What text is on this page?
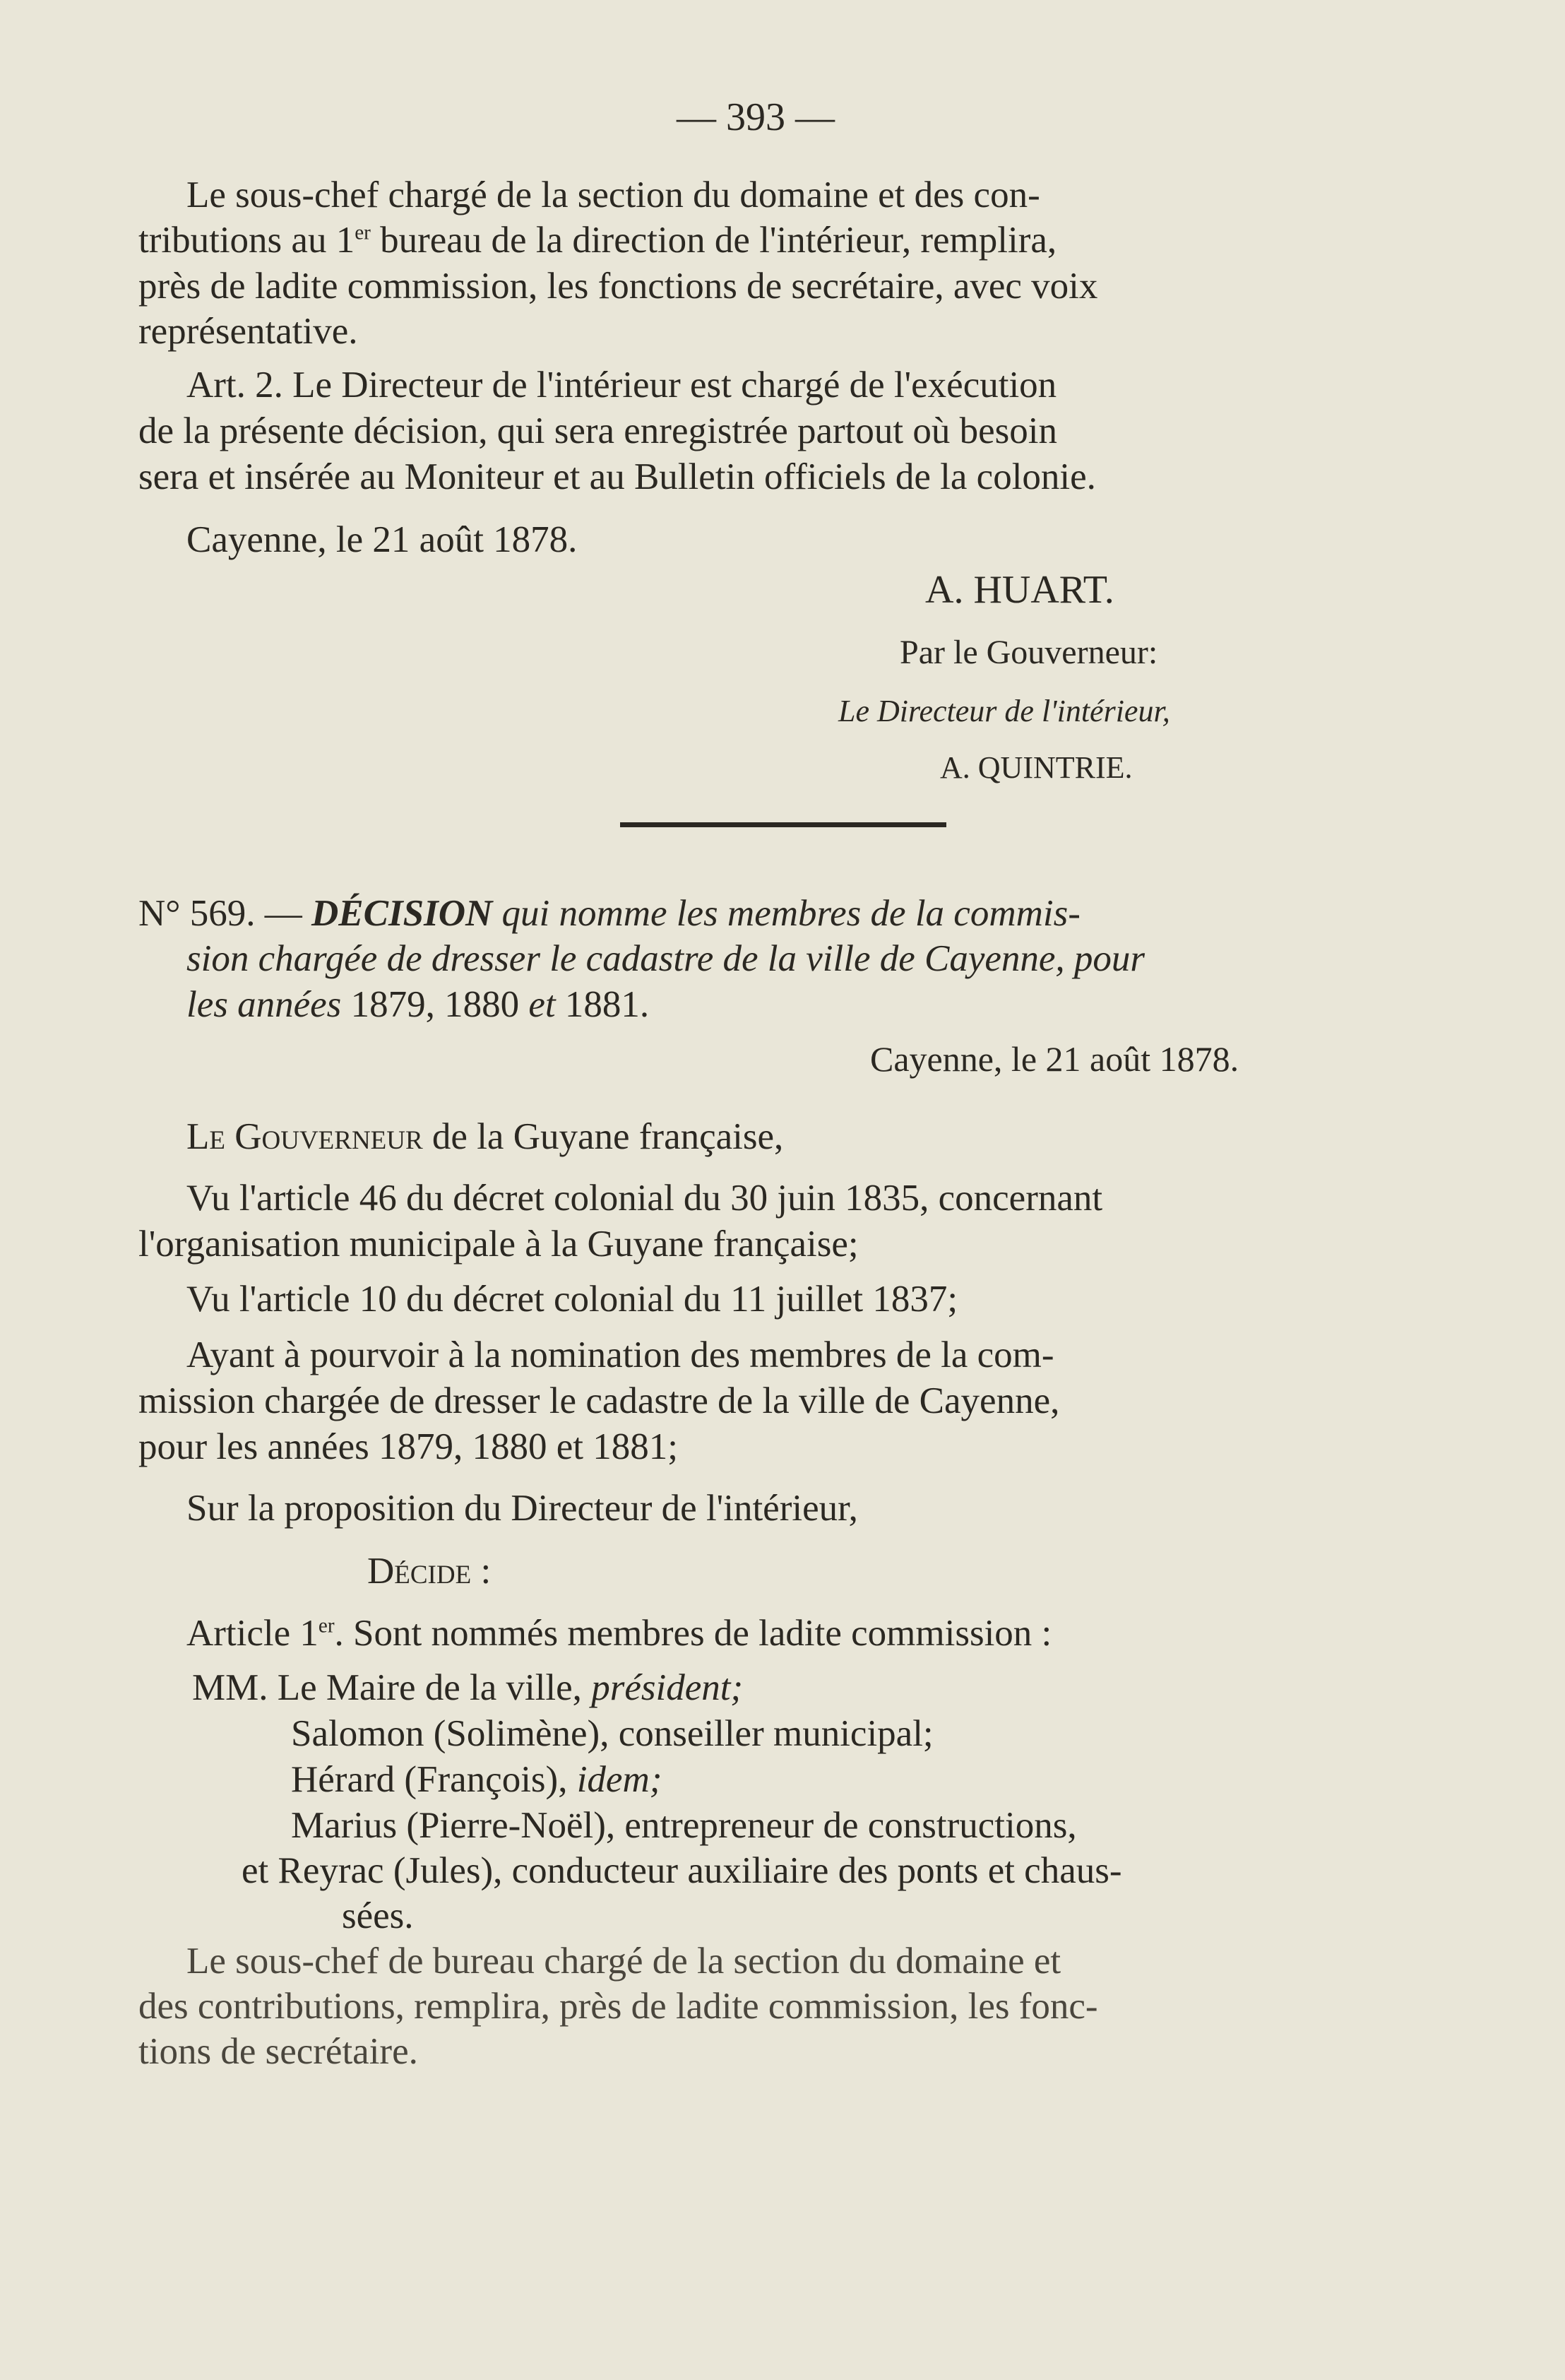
— 393 —
Le sous-chef chargé de la section du domaine et des con-
tributions au 1er bureau de la direction de l'intérieur, remplira,
près de ladite commission, les fonctions de secrétaire, avec voix
représentative.
Art. 2. Le Directeur de l'intérieur est chargé de l'exécution
de la présente décision, qui sera enregistrée partout où besoin
sera et insérée au Moniteur et au Bulletin officiels de la colonie.
Cayenne, le 21 août 1878.
A. HUART.
Par le Gouverneur:
Le Directeur de l'intérieur,
A. QUINTRIE.
N° 569. — DÉCISION qui nomme les membres de la commis-
sion chargée de dresser le cadastre de la ville de Cayenne, pour
les années 1879, 1880 et 1881.
Cayenne, le 21 août 1878.
Le Gouverneur de la Guyane française,
Vu l'article 46 du décret colonial du 30 juin 1835, concernant
l'organisation municipale à la Guyane française;
Vu l'article 10 du décret colonial du 11 juillet 1837;
Ayant à pourvoir à la nomination des membres de la com-
mission chargée de dresser le cadastre de la ville de Cayenne,
pour les années 1879, 1880 et 1881;
Sur la proposition du Directeur de l'intérieur,
Décide :
Article 1er. Sont nommés membres de ladite commission :
MM. Le Maire de la ville, président;
Salomon (Solimène), conseiller municipal;
Hérard (François), idem;
Marius (Pierre-Noël), entrepreneur de constructions,
et Reyrac (Jules), conducteur auxiliaire des ponts et chaus-
sées.
Le sous-chef de bureau chargé de la section du domaine et
des contributions, remplira, près de ladite commission, les fonc-
tions de secrétaire.
